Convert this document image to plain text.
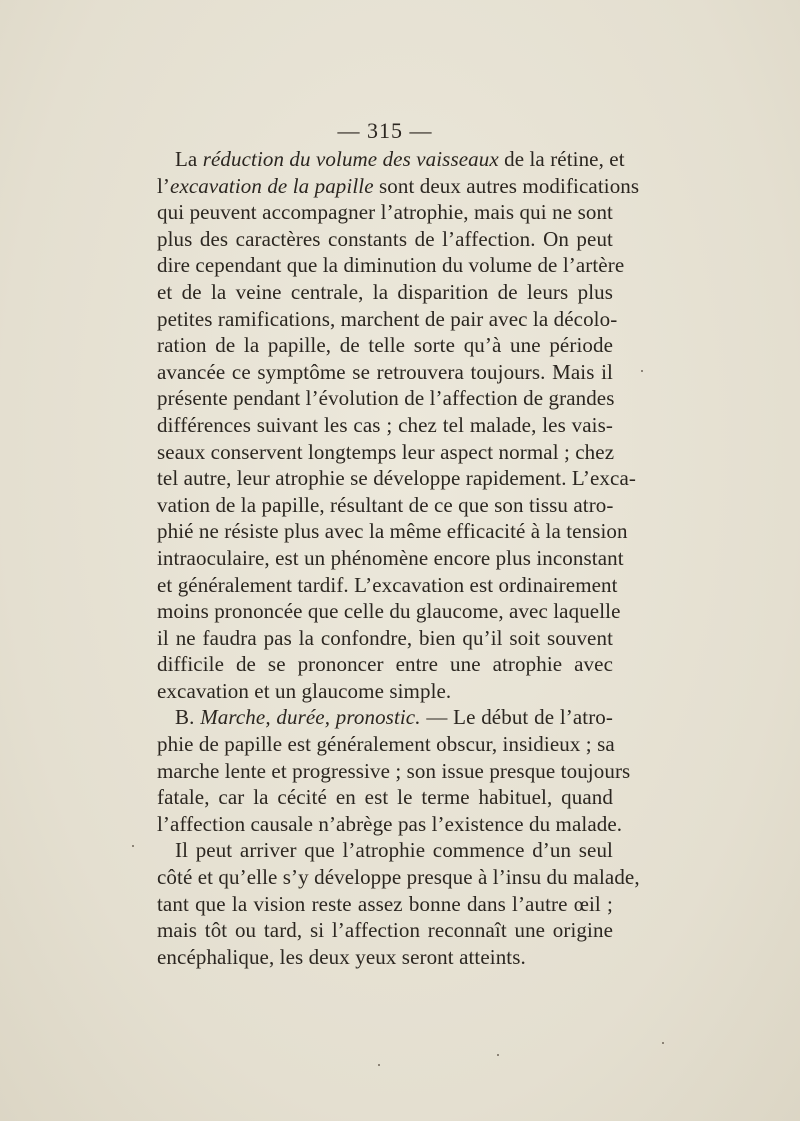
— 315 —
La réduction du volume des vaisseaux de la rétine, et
l’excavation de la papille sont deux autres modifications
qui peuvent accompagner l’atrophie, mais qui ne sont
plus des caractères constants de l’affection. On peut
dire cependant que la diminution du volume de l’artère
et de la veine centrale, la disparition de leurs plus
petites ramifications, marchent de pair avec la décolo-
ration de la papille, de telle sorte qu’à une période
avancée ce symptôme se retrouvera toujours. Mais il
présente pendant l’évolution de l’affection de grandes
différences suivant les cas ; chez tel malade, les vais-
seaux conservent longtemps leur aspect normal ; chez
tel autre, leur atrophie se développe rapidement. L’exca-
vation de la papille, résultant de ce que son tissu atro-
phié ne résiste plus avec la même efficacité à la tension
intraoculaire, est un phénomène encore plus inconstant
et généralement tardif. L’excavation est ordinairement
moins prononcée que celle du glaucome, avec laquelle
il ne faudra pas la confondre, bien qu’il soit souvent
difficile de se prononcer entre une atrophie avec
excavation et un glaucome simple.
B. Marche, durée, pronostic. — Le début de l’atro-
phie de papille est généralement obscur, insidieux ; sa
marche lente et progressive ; son issue presque toujours
fatale, car la cécité en est le terme habituel, quand
l’affection causale n’abrège pas l’existence du malade.
Il peut arriver que l’atrophie commence d’un seul
côté et qu’elle s’y développe presque à l’insu du malade,
tant que la vision reste assez bonne dans l’autre œil ;
mais tôt ou tard, si l’affection reconnaît une origine
encéphalique, les deux yeux seront atteints.
